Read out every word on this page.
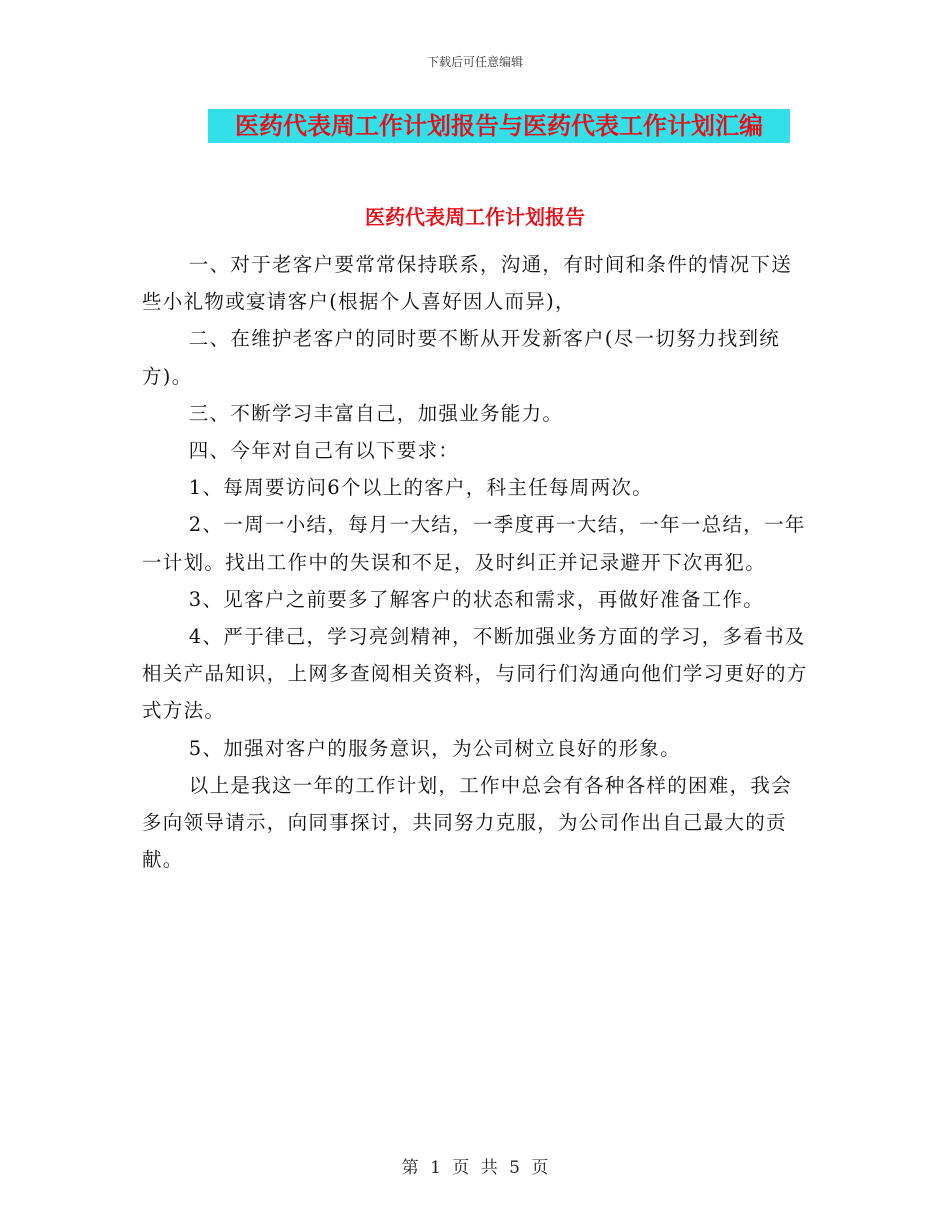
下载后可任意编辑
医药代表周工作计划报告与医药代表工作计划汇编
医药代表周工作计划报告

一、对于老客户要常常保持联系，沟通，有时间和条件的情况下送些小礼物或宴请客户(根据个人喜好因人而异)，

二、在维护老客户的同时要不断从开发新客户(尽一切努力找到统方)。

三、不断学习丰富自己，加强业务能力。

四、今年对自己有以下要求：

1、每周要访问6个以上的客户，科主任每周两次。

2、一周一小结，每月一大结，一季度再一大结，一年一总结，一年一计划。找出工作中的失误和不足，及时纠正并记录避开下次再犯。

3、见客户之前要多了解客户的状态和需求，再做好准备工作。

4、严于律己，学习亮剑精神，不断加强业务方面的学习，多看书及相关产品知识，上网多查阅相关资料，与同行们沟通向他们学习更好的方式方法。

5、加强对客户的服务意识，为公司树立良好的形象。

以上是我这一年的工作计划，工作中总会有各种各样的困难，我会多向领导请示，向同事探讨，共同努力克服，为公司作出自己最大的贡献。

第 1 页 共 5 页
